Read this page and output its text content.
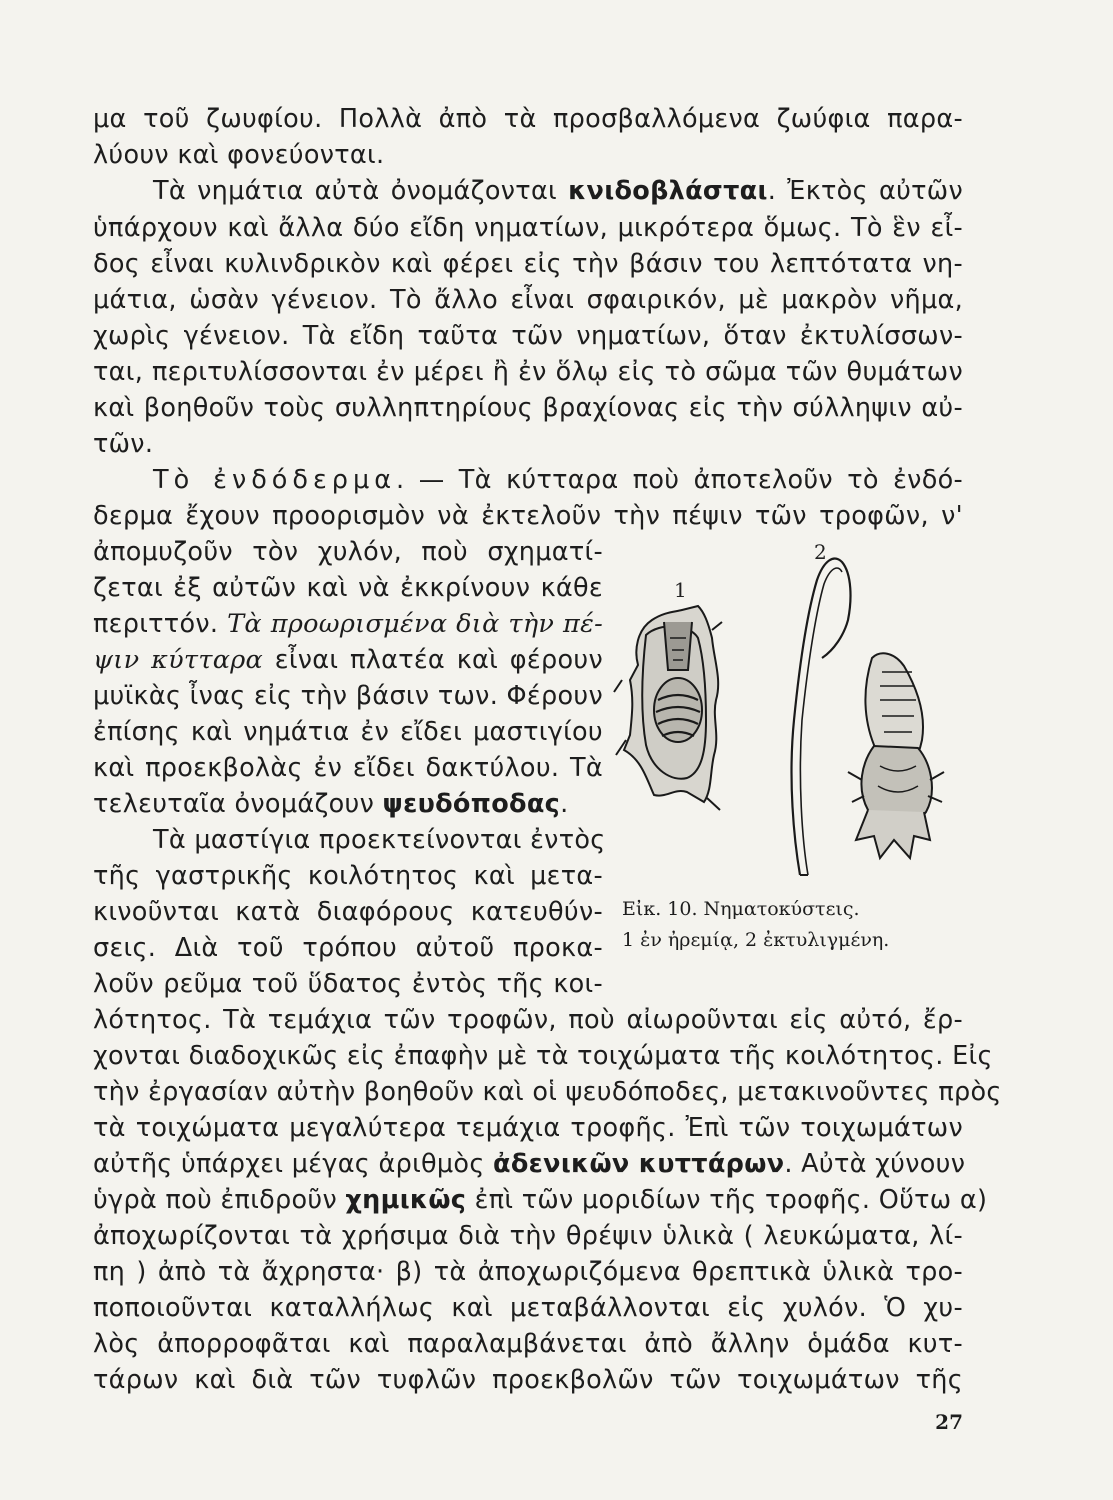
μα τοῦ ζωυφίου. Πολλὰ ἀπὸ τὰ προσβαλλόμενα ζωύφια παρα-
λύουν καὶ φονεύονται.
Τὰ νημάτια αὐτὰ ὀνομάζονται κνιδοβλάσται. Ἐκτὸς αὐτῶν
ὑπάρχουν καὶ ἄλλα δύο εἴδη νηματίων, μικρότερα ὅμως. Τὸ ἓν εἶ-
δος εἶναι κυλινδρικὸν καὶ φέρει εἰς τὴν βάσιν του λεπτότατα νη-
μάτια, ὡσὰν γένειον. Τὸ ἄλλο εἶναι σφαιρικόν, μὲ μακρὸν νῆμα,
χωρὶς γένειον. Τὰ εἴδη ταῦτα τῶν νηματίων, ὅταν ἐκτυλίσσων-
ται, περιτυλίσσονται ἐν μέρει ἢ ἐν ὅλῳ εἰς τὸ σῶμα τῶν θυμάτων
καὶ βοηθοῦν τοὺς συλληπτηρίους βραχίονας εἰς τὴν σύλληψιν αὐ-
τῶν.
Τὸ ἐνδόδερμα. — Τὰ κύτταρα ποὺ ἀποτελοῦν τὸ ἐνδό-
δερμα ἔχουν προορισμὸν νὰ ἐκτελοῦν τὴν πέψιν τῶν τροφῶν, ν'
ἀπομυζοῦν τὸν χυλόν, ποὺ σχηματί-
ζεται ἐξ αὐτῶν καὶ νὰ ἐκκρίνουν κάθε
περιττόν. Τὰ προωρισμένα διὰ τὴν πέ-
ψιν κύτταρα εἶναι πλατέα καὶ φέρουν
μυϊκὰς ἶνας εἰς τὴν βάσιν των. Φέρουν
ἐπίσης καὶ νημάτια ἐν εἴδει μαστιγίου
καὶ προεκβολὰς ἐν εἴδει δακτύλου. Τὰ
τελευταῖα ὀνομάζουν ψευδόποδας.
Τὰ μαστίγια προεκτείνονται ἐντὸς
τῆς γαστρικῆς κοιλότητος καὶ μετα-
κινοῦνται κατὰ διαφόρους κατευθύν-
σεις. Διὰ τοῦ τρόπου αὐτοῦ προκα-
λοῦν ρεῦμα τοῦ ὕδατος ἐντὸς τῆς κοι-
λότητος. Τὰ τεμάχια τῶν τροφῶν, ποὺ αἰωροῦνται εἰς αὐτό, ἔρ-
χονται διαδοχικῶς εἰς ἐπαφὴν μὲ τὰ τοιχώματα τῆς κοιλότητος. Εἰς
τὴν ἐργασίαν αὐτὴν βοηθοῦν καὶ οἱ ψευδόποδες, μετακινοῦντες πρὸς
τὰ τοιχώματα μεγαλύτερα τεμάχια τροφῆς. Ἐπὶ τῶν τοιχωμάτων
αὐτῆς ὑπάρχει μέγας ἀριθμὸς ἀδενικῶν κυττάρων. Αὐτὰ χύνουν
ὑγρὰ ποὺ ἐπιδροῦν χημικῶς ἐπὶ τῶν μοριδίων τῆς τροφῆς. Οὕτω α)
ἀποχωρίζονται τὰ χρήσιμα διὰ τὴν θρέψιν ὑλικὰ ( λευκώματα, λί-
πη ) ἀπὸ τὰ ἄχρηστα· β) τὰ ἀποχωριζόμενα θρεπτικὰ ὑλικὰ τρο-
ποποιοῦνται καταλλήλως καὶ μεταβάλλονται εἰς χυλόν. Ὁ χυ-
λὸς ἀπορροφᾶται καὶ παραλαμβάνεται ἀπὸ ἄλλην ὁμάδα κυτ-
τάρων καὶ διὰ τῶν τυφλῶν προεκβολῶν τῶν τοιχωμάτων τῆς
1
2
Εἰκ. 10. Νηματοκύστεις.
1 ἐν ἠρεμίᾳ, 2 ἐκτυλιγμένη.
27
